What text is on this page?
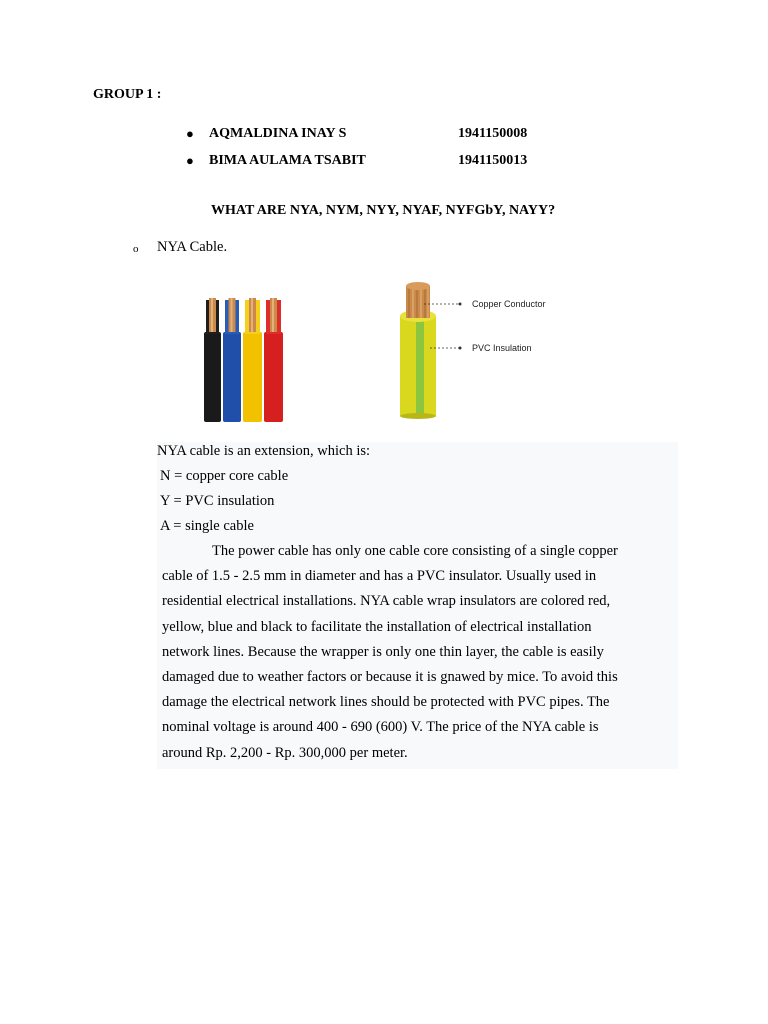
GROUP 1 :
● AQMALDINA INAY S	1941150008
● BIMA AULAMA TSABIT	1941150013
WHAT ARE NYA, NYM, NYY, NYAF, NYFGbY, NAYY?
o NYA Cable.
Copper Conductor
PVC Insulation
NYA cable is an extension, which is:
N = copper core cable
Y = PVC insulation
A = single cable
The power cable has only one cable core consisting of a single copper
cable of 1.5 - 2.5 mm in diameter and has a PVC insulator. Usually used in
residential electrical installations. NYA cable wrap insulators are colored red,
yellow, blue and black to facilitate the installation of electrical installation
network lines. Because the wrapper is only one thin layer, the cable is easily
damaged due to weather factors or because it is gnawed by mice. To avoid this
damage the electrical network lines should be protected with PVC pipes. The
nominal voltage is around 400 - 690 (600) V. The price of the NYA cable is
around Rp. 2,200 - Rp. 300,000 per meter.
